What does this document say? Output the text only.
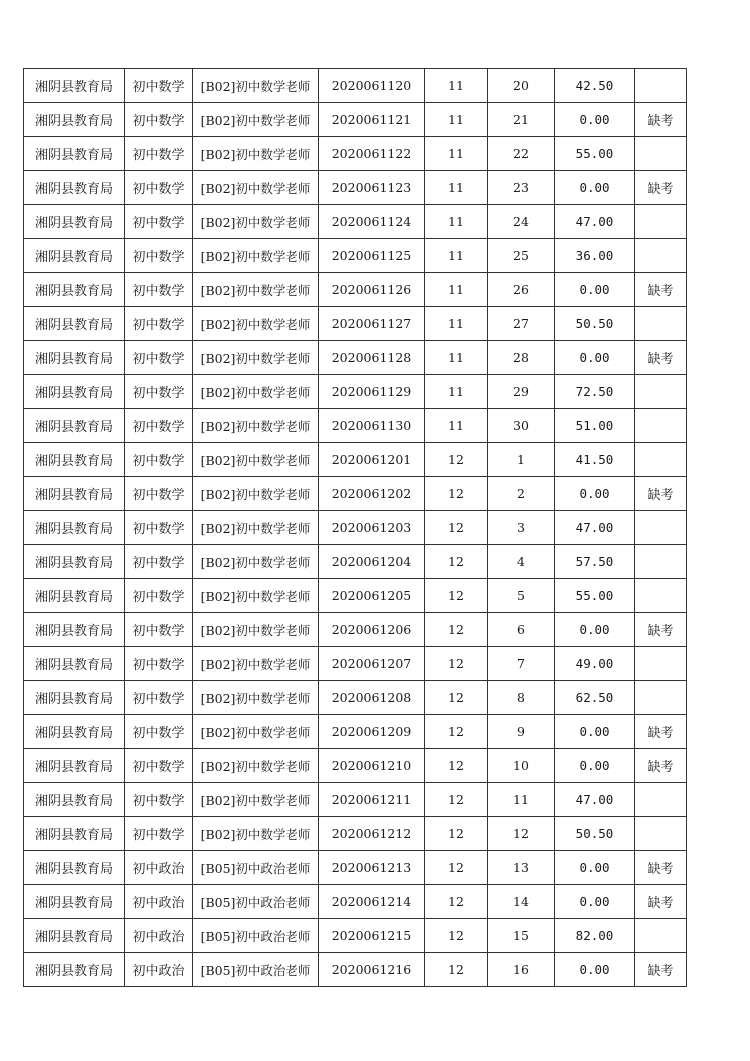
湘阴县教育局	初中数学	[B02]初中数学老师	2020061120	11	20	42.50	
湘阴县教育局	初中数学	[B02]初中数学老师	2020061121	11	21	0.00	缺考
湘阴县教育局	初中数学	[B02]初中数学老师	2020061122	11	22	55.00	
湘阴县教育局	初中数学	[B02]初中数学老师	2020061123	11	23	0.00	缺考
湘阴县教育局	初中数学	[B02]初中数学老师	2020061124	11	24	47.00	
湘阴县教育局	初中数学	[B02]初中数学老师	2020061125	11	25	36.00	
湘阴县教育局	初中数学	[B02]初中数学老师	2020061126	11	26	0.00	缺考
湘阴县教育局	初中数学	[B02]初中数学老师	2020061127	11	27	50.50	
湘阴县教育局	初中数学	[B02]初中数学老师	2020061128	11	28	0.00	缺考
湘阴县教育局	初中数学	[B02]初中数学老师	2020061129	11	29	72.50	
湘阴县教育局	初中数学	[B02]初中数学老师	2020061130	11	30	51.00	
湘阴县教育局	初中数学	[B02]初中数学老师	2020061201	12	1	41.50	
湘阴县教育局	初中数学	[B02]初中数学老师	2020061202	12	2	0.00	缺考
湘阴县教育局	初中数学	[B02]初中数学老师	2020061203	12	3	47.00	
湘阴县教育局	初中数学	[B02]初中数学老师	2020061204	12	4	57.50	
湘阴县教育局	初中数学	[B02]初中数学老师	2020061205	12	5	55.00	
湘阴县教育局	初中数学	[B02]初中数学老师	2020061206	12	6	0.00	缺考
湘阴县教育局	初中数学	[B02]初中数学老师	2020061207	12	7	49.00	
湘阴县教育局	初中数学	[B02]初中数学老师	2020061208	12	8	62.50	
湘阴县教育局	初中数学	[B02]初中数学老师	2020061209	12	9	0.00	缺考
湘阴县教育局	初中数学	[B02]初中数学老师	2020061210	12	10	0.00	缺考
湘阴县教育局	初中数学	[B02]初中数学老师	2020061211	12	11	47.00	
湘阴县教育局	初中数学	[B02]初中数学老师	2020061212	12	12	50.50	
湘阴县教育局	初中政治	[B05]初中政治老师	2020061213	12	13	0.00	缺考
湘阴县教育局	初中政治	[B05]初中政治老师	2020061214	12	14	0.00	缺考
湘阴县教育局	初中政治	[B05]初中政治老师	2020061215	12	15	82.00	
湘阴县教育局	初中政治	[B05]初中政治老师	2020061216	12	16	0.00	缺考
